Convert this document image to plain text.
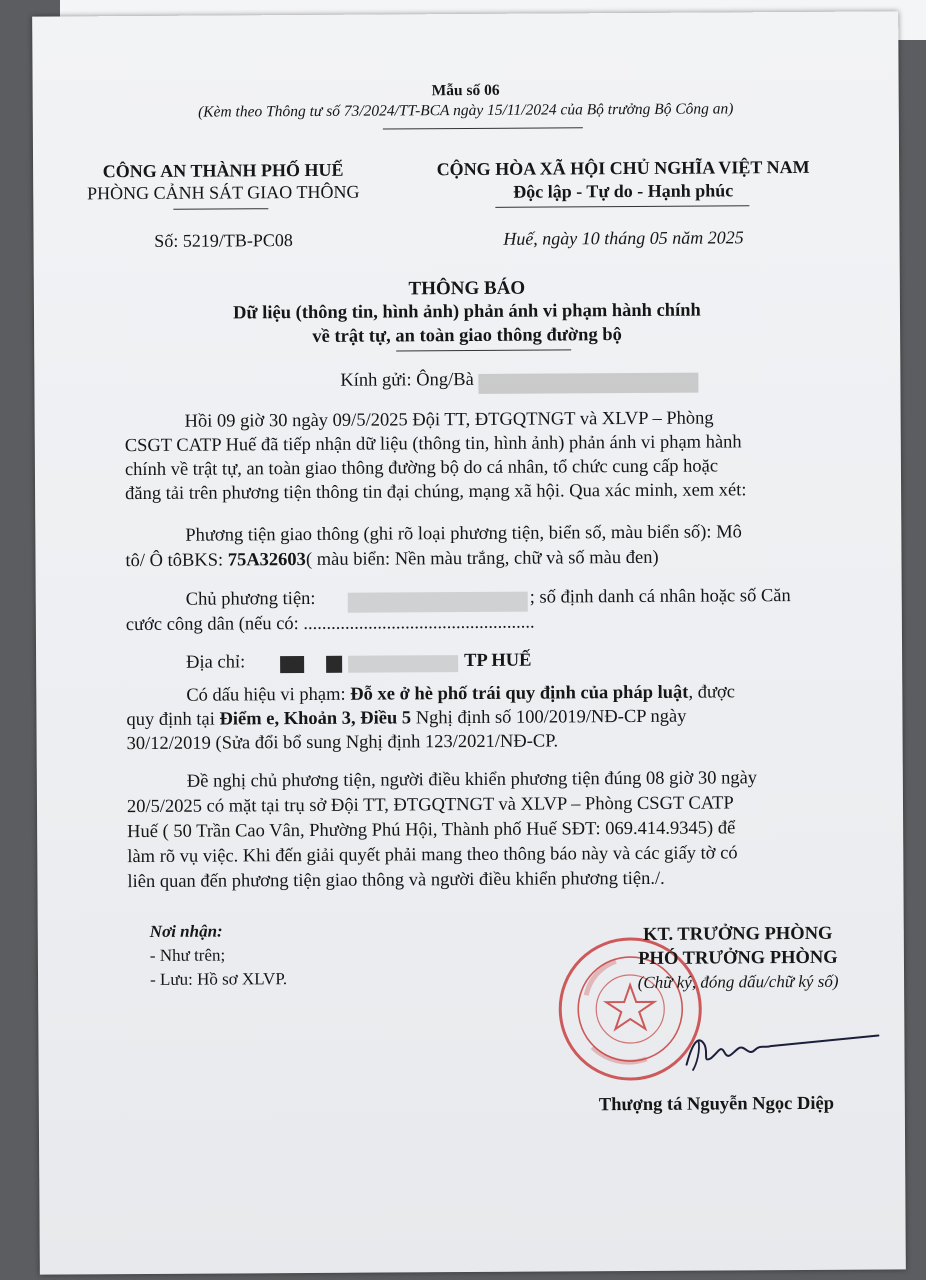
Mẫu số 06
(Kèm theo Thông tư số 73/2024/TT-BCA ngày 15/11/2024 của Bộ trưởng Bộ Công an)
CÔNG AN THÀNH PHỐ HUẾ
PHÒNG CẢNH SÁT GIAO THÔNG
Số: 5219/TB-PC08
CỘNG HÒA XÃ HỘI CHỦ NGHĨA VIỆT NAM
Độc lập - Tự do - Hạnh phúc
Huế, ngày 10 tháng 05 năm 2025
THÔNG BÁO
Dữ liệu (thông tin, hình ảnh) phản ánh vi phạm hành chính
về trật tự, an toàn giao thông đường bộ
Kính gửi: Ông/Bà
Hồi 09 giờ 30 ngày 09/5/2025 Đội TT, ĐTGQTNGT và XLVP – Phòng
CSGT CATP Huế đã tiếp nhận dữ liệu (thông tin, hình ảnh) phản ánh vi phạm hành
chính về trật tự, an toàn giao thông đường bộ do cá nhân, tổ chức cung cấp hoặc
đăng tải trên phương tiện thông tin đại chúng, mạng xã hội. Qua xác minh, xem xét:
Phương tiện giao thông (ghi rõ loại phương tiện, biển số, màu biển số): Mô
tô/ Ô tôBKS: 75A32603( màu biển: Nền màu trắng, chữ và số màu đen)
Chủ phương tiện:	; số định danh cá nhân hoặc số Căn
cước công dân (nếu có: ..................................................
Địa chỉ:	TP HUẾ
Có dấu hiệu vi phạm: Đỗ xe ở hè phố trái quy định của pháp luật, được
quy định tại Điểm e, Khoản 3, Điều 5 Nghị định số 100/2019/NĐ-CP ngày
30/12/2019 (Sửa đổi bổ sung Nghị định 123/2021/NĐ-CP.
Đề nghị chủ phương tiện, người điều khiển phương tiện đúng 08 giờ 30 ngày
20/5/2025 có mặt tại trụ sở Đội TT, ĐTGQTNGT và XLVP – Phòng CSGT CATP
Huế ( 50 Trần Cao Vân, Phường Phú Hội, Thành phố Huế SĐT: 069.414.9345) để
làm rõ vụ việc. Khi đến giải quyết phải mang theo thông báo này và các giấy tờ có
liên quan đến phương tiện giao thông và người điều khiển phương tiện./.
Nơi nhận:
- Như trên;
- Lưu: Hồ sơ XLVP.
KT. TRƯỞNG PHÒNG
PHÓ TRƯỞNG PHÒNG
(Chữ ký, đóng dấu/chữ ký số)
Thượng tá Nguyễn Ngọc Diệp
